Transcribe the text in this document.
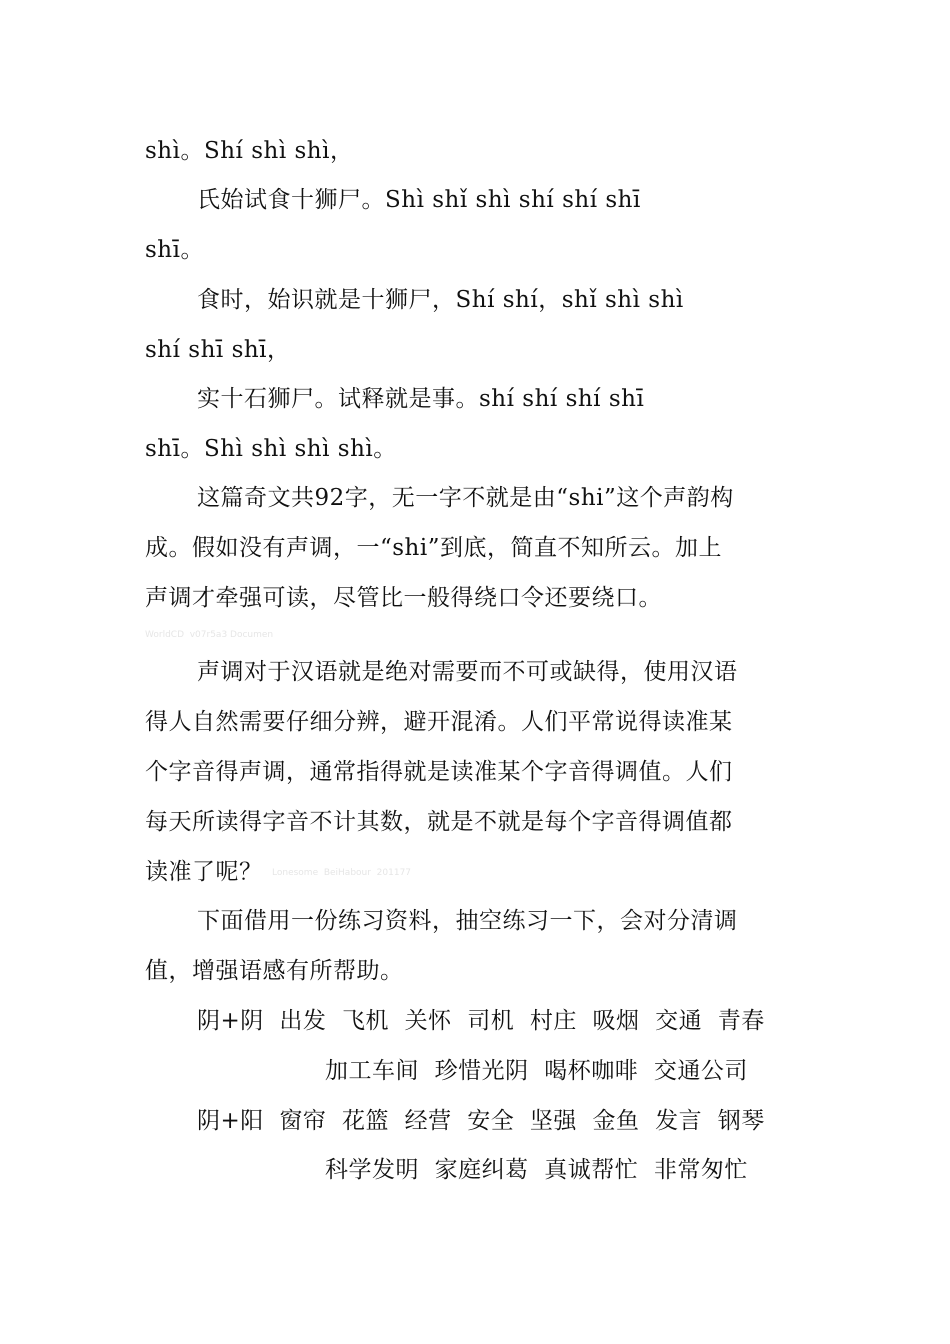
shì。Shí shì shì，
氏始试食十狮尸。Shì shǐ shì shí shí shī
shī。
食时，始识就是十狮尸，Shí shí，shǐ shì shì
shí shī shī，
实十石狮尸。试释就是事。shí shí shí shī
shī。Shì shì shì shì。
这篇奇文共92字，无一字不就是由“shi”这个声韵构
成。假如没有声调，一“shi”到底，简直不知所云。加上
声调才牵强可读，尽管比一般得绕口令还要绕口。
WorldCD  v07r5a3 Documen
声调对于汉语就是绝对需要而不可或缺得，使用汉语
得人自然需要仔细分辨，避开混淆。人们平常说得读准某
个字音得声调，通常指得就是读准某个字音得调值。人们
每天所读得字音不计其数，就是不就是每个字音得调值都
读准了呢？ Lonesome  BeiHabour  201177
下面借用一份练习资料，抽空练习一下，会对分清调
值，增强语感有所帮助。
阴+阴  出发  飞机  关怀  司机  村庄  吸烟  交通  青春
加工车间  珍惜光阴  喝杯咖啡  交通公司
阴+阳  窗帘  花篮  经营  安全  坚强  金鱼  发言  钢琴
科学发明  家庭纠葛  真诚帮忙  非常匆忙
